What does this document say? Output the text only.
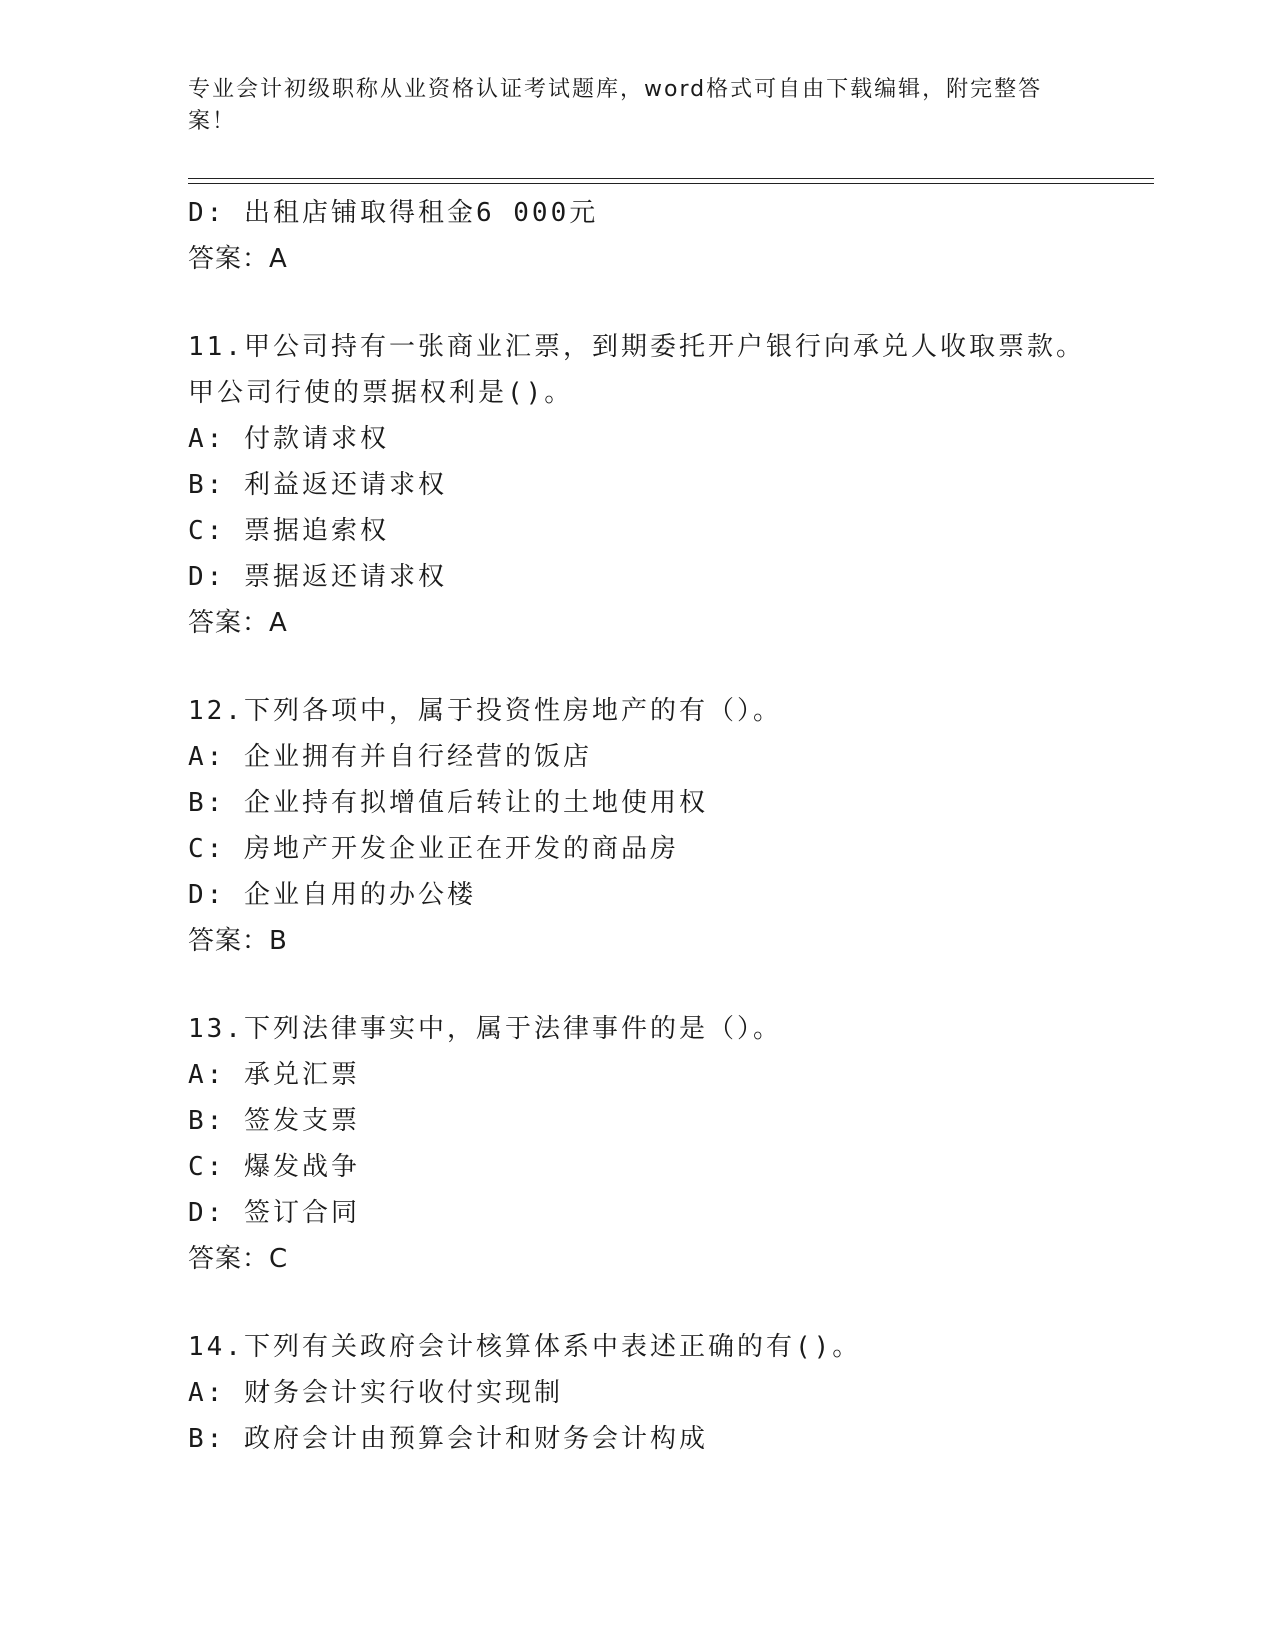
专业会计初级职称从业资格认证考试题库，word格式可自由下载编辑，附完整答案！
D: 出租店铺取得租金6 000元
答案：A
11.甲公司持有一张商业汇票，到期委托开户银行向承兑人收取票款。
甲公司行使的票据权利是()。
A: 付款请求权
B: 利益返还请求权
C: 票据追索权
D: 票据返还请求权
答案：A
12.下列各项中，属于投资性房地产的有（）。
A: 企业拥有并自行经营的饭店
B: 企业持有拟增值后转让的土地使用权
C: 房地产开发企业正在开发的商品房
D: 企业自用的办公楼
答案：B
13.下列法律事实中，属于法律事件的是（）。
A: 承兑汇票
B: 签发支票
C: 爆发战争
D: 签订合同
答案：C
14.下列有关政府会计核算体系中表述正确的有()。
A: 财务会计实行收付实现制
B: 政府会计由预算会计和财务会计构成
